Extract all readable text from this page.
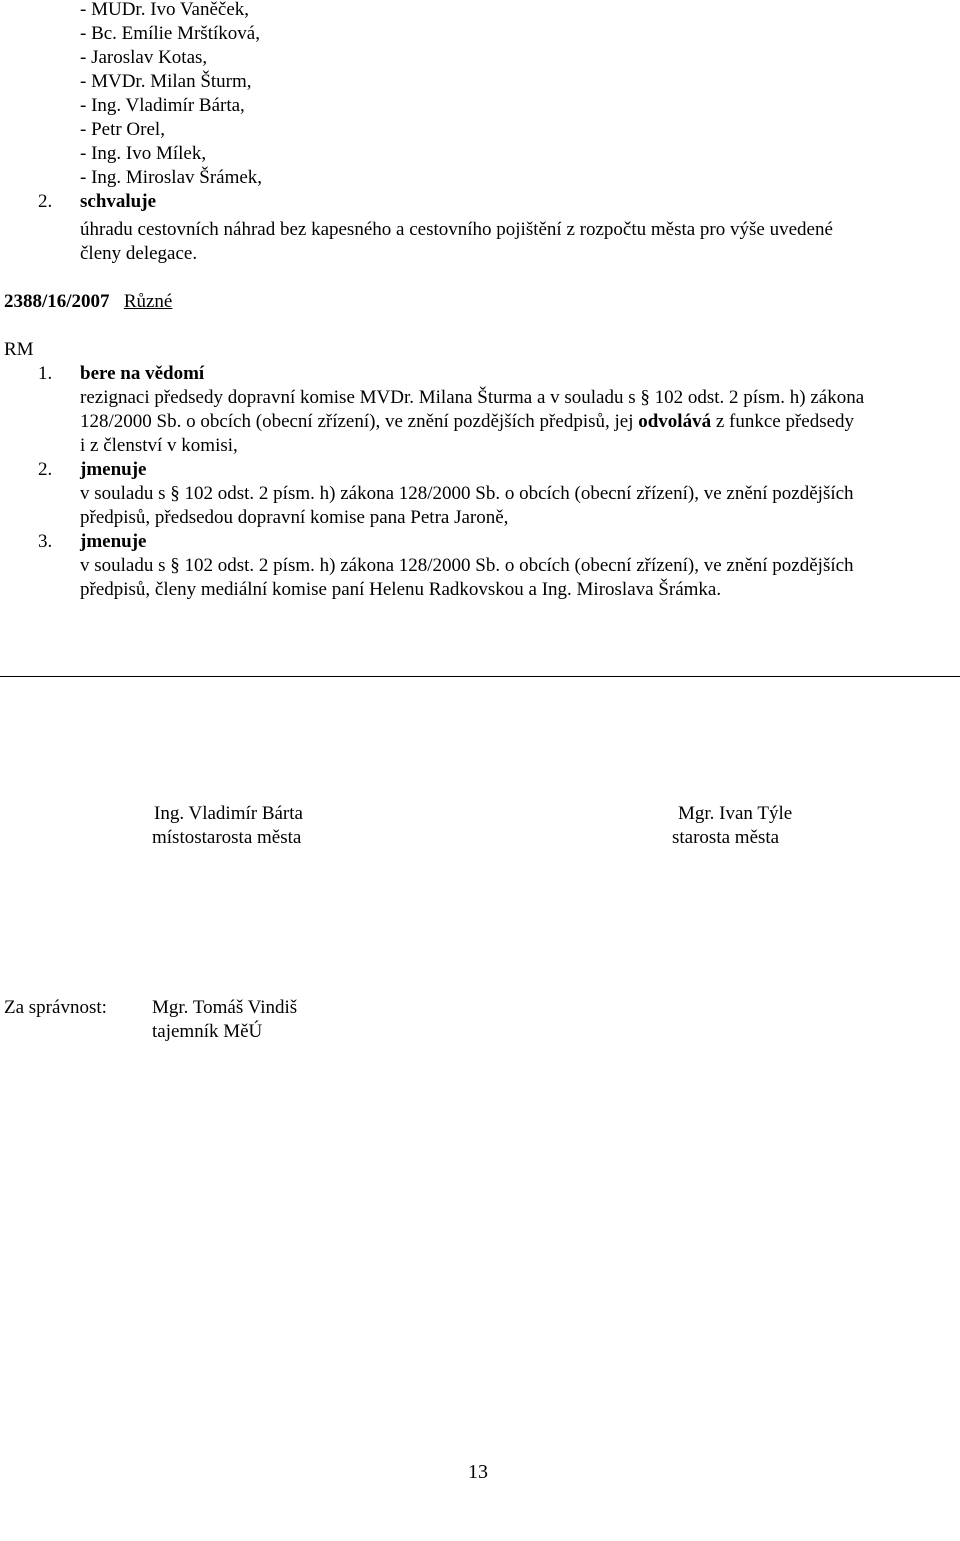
- MUDr. Ivo Vaněček,
- Bc. Emílie Mrštíková,
- Jaroslav Kotas,
- MVDr. Milan Šturm,
- Ing. Vladimír Bárta,
- Petr Orel,
- Ing. Ivo Mílek,
- Ing. Miroslav Šrámek,
2. schvaluje
úhradu cestovních náhrad bez kapesného a cestovního pojištění z rozpočtu města pro výše uvedené
členy delegace.
2388/16/2007 Různé
RM
1. bere na vědomí
rezignaci předsedy dopravní komise MVDr. Milana Šturma a v souladu s § 102 odst. 2 písm. h) zákona
128/2000 Sb. o obcích (obecní zřízení), ve znění pozdějších předpisů, jej odvolává z funkce předsedy
i z členství v komisi,
2. jmenuje
v souladu s § 102 odst. 2 písm. h) zákona 128/2000 Sb. o obcích (obecní zřízení), ve znění pozdějších
předpisů, předsedou dopravní komise pana Petra Jaroně,
3. jmenuje
v souladu s § 102 odst. 2 písm. h) zákona 128/2000 Sb. o obcích (obecní zřízení), ve znění pozdějších
předpisů, členy mediální komise paní Helenu Radkovskou a Ing. Miroslava Šrámka.
Ing. Vladimír Bárta
místostarosta města
Mgr. Ivan Týle
starosta města
Za správnost: Mgr. Tomáš Vindiš
tajemník MěÚ
13
